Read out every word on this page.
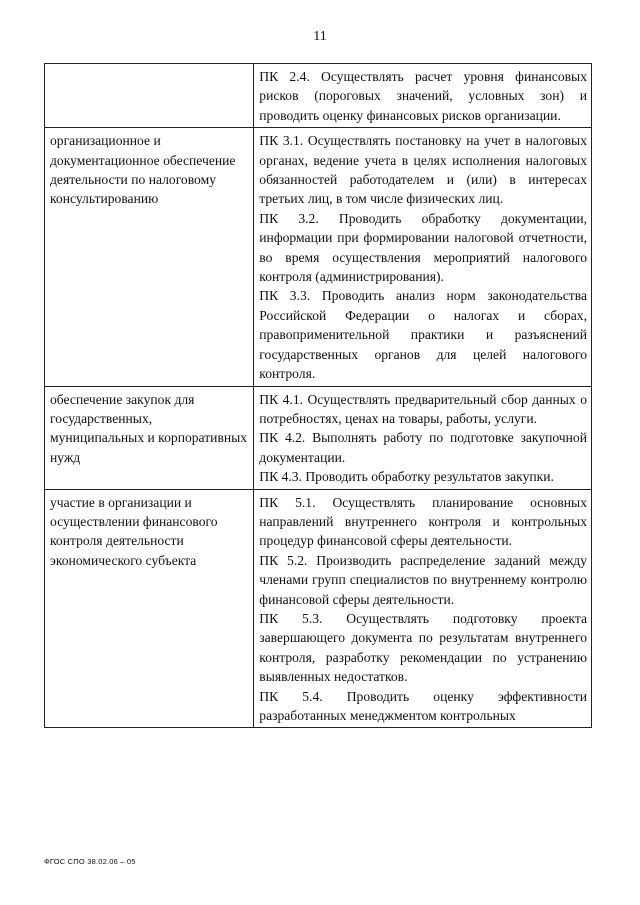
11

	ПК 2.4. Осуществлять расчет уровня финансовых рисков (пороговых значений, условных зон) и проводить оценку финансовых рисков организации.

организационное и документационное обеспечение деятельности по налоговому консультированию	ПК 3.1. Осуществлять постановку на учет в налоговых органах, ведение учета в целях исполнения налоговых обязанностей работодателем и (или) в интересах третьих лиц, в том числе физических лиц.

ПК 3.2. Проводить обработку документации, информации при формировании налоговой отчетности, во время осуществления мероприятий налогового контроля (администрирования).

ПК 3.3. Проводить анализ норм законодательства Российской Федерации о налогах и сборах, правоприменительной практики и разъяснений государственных органов для целей налогового контроля.

обеспечение закупок для государственных, муниципальных и корпоративных нужд	ПК 4.1. Осуществлять предварительный сбор данных о потребностях, ценах на товары, работы, услуги.

ПК 4.2. Выполнять работу по подготовке закупочной документации.

ПК 4.3. Проводить обработку результатов закупки.

участие в организации и осуществлении финансового контроля деятельности экономического субъекта	ПК 5.1. Осуществлять планирование основных направлений внутреннего контроля и контрольных процедур финансовой сферы деятельности.

ПК 5.2. Производить распределение заданий между членами групп специалистов по внутреннему контролю финансовой сферы деятельности.

ПК 5.3. Осуществлять подготовку проекта завершающего документа по результатам внутреннего контроля, разработку рекомендации по устранению выявленных недостатков.

ПК 5.4. Проводить оценку эффективности разработанных менеджментом контрольных

ФГОС СПО 38.02.06 – 05
